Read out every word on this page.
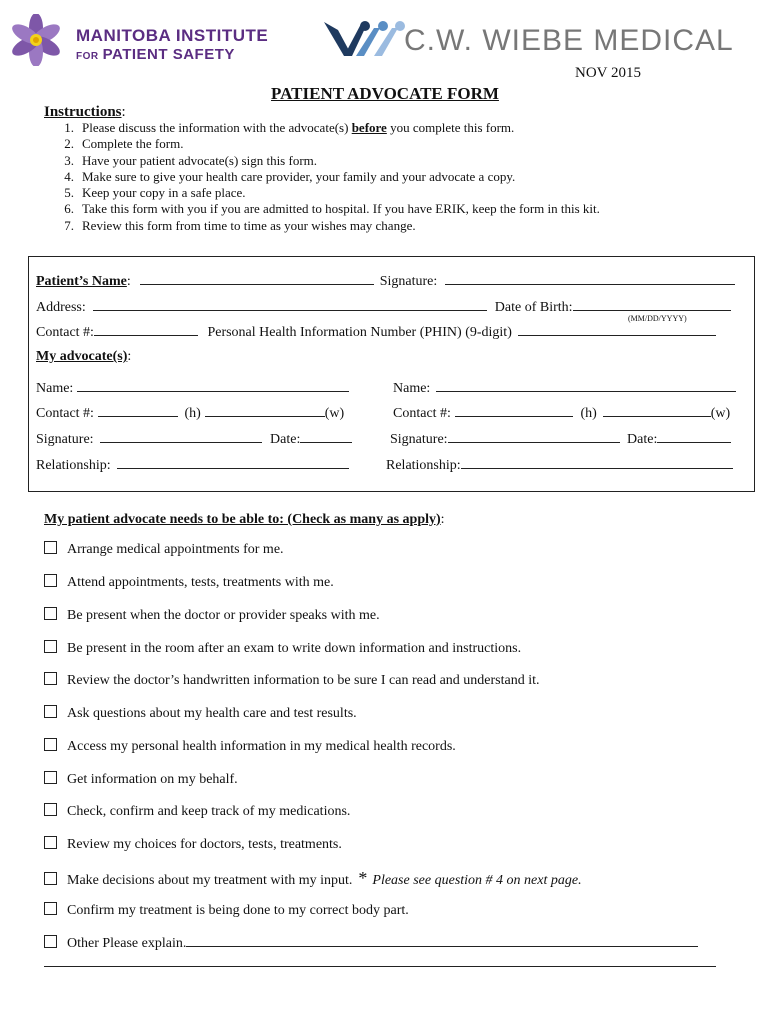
MANITOBA INSTITUTE
FOR PATIENT SAFETY	C.W. WIEBE MEDICAL
NOV 2015
PATIENT ADVOCATE FORM
Instructions:
1. Please discuss the information with the advocate(s) before you complete this form.
2. Complete the form.
3. Have your patient advocate(s) sign this form.
4. Make sure to give your health care provider, your family and your advocate a copy.
5. Keep your copy in a safe place.
6. Take this form with you if you are admitted to hospital. If you have ERIK, keep the form in this kit.
7. Review this form from time to time as your wishes may change.
Patient’s Name:	Signature:
Address:	Date of Birth:
(MM/DD/YYYY)
Contact #:	Personal Health Information Number (PHIN) (9-digit)
My advocate(s):
Name:
Contact #:	(h)	(w)
Signature:	Date:
Relationship:
Name:
Contact #:	(h)	(w)
Signature:	Date:
Relationship:
My patient advocate needs to be able to: (Check as many as apply):
Arrange medical appointments for me.
Attend appointments, tests, treatments with me.
Be present when the doctor or provider speaks with me.
Be present in the room after an exam to write down information and instructions.
Review the doctor’s handwritten information to be sure I can read and understand it.
Ask questions about my health care and test results.
Access my personal health information in my medical health records.
Get information on my behalf.
Check, confirm and keep track of my medications.
Review my choices for doctors, tests, treatments.
Make decisions about my treatment with my input. * Please see question # 4 on next page.
Confirm my treatment is being done to my correct body part.
Other Please explain.
